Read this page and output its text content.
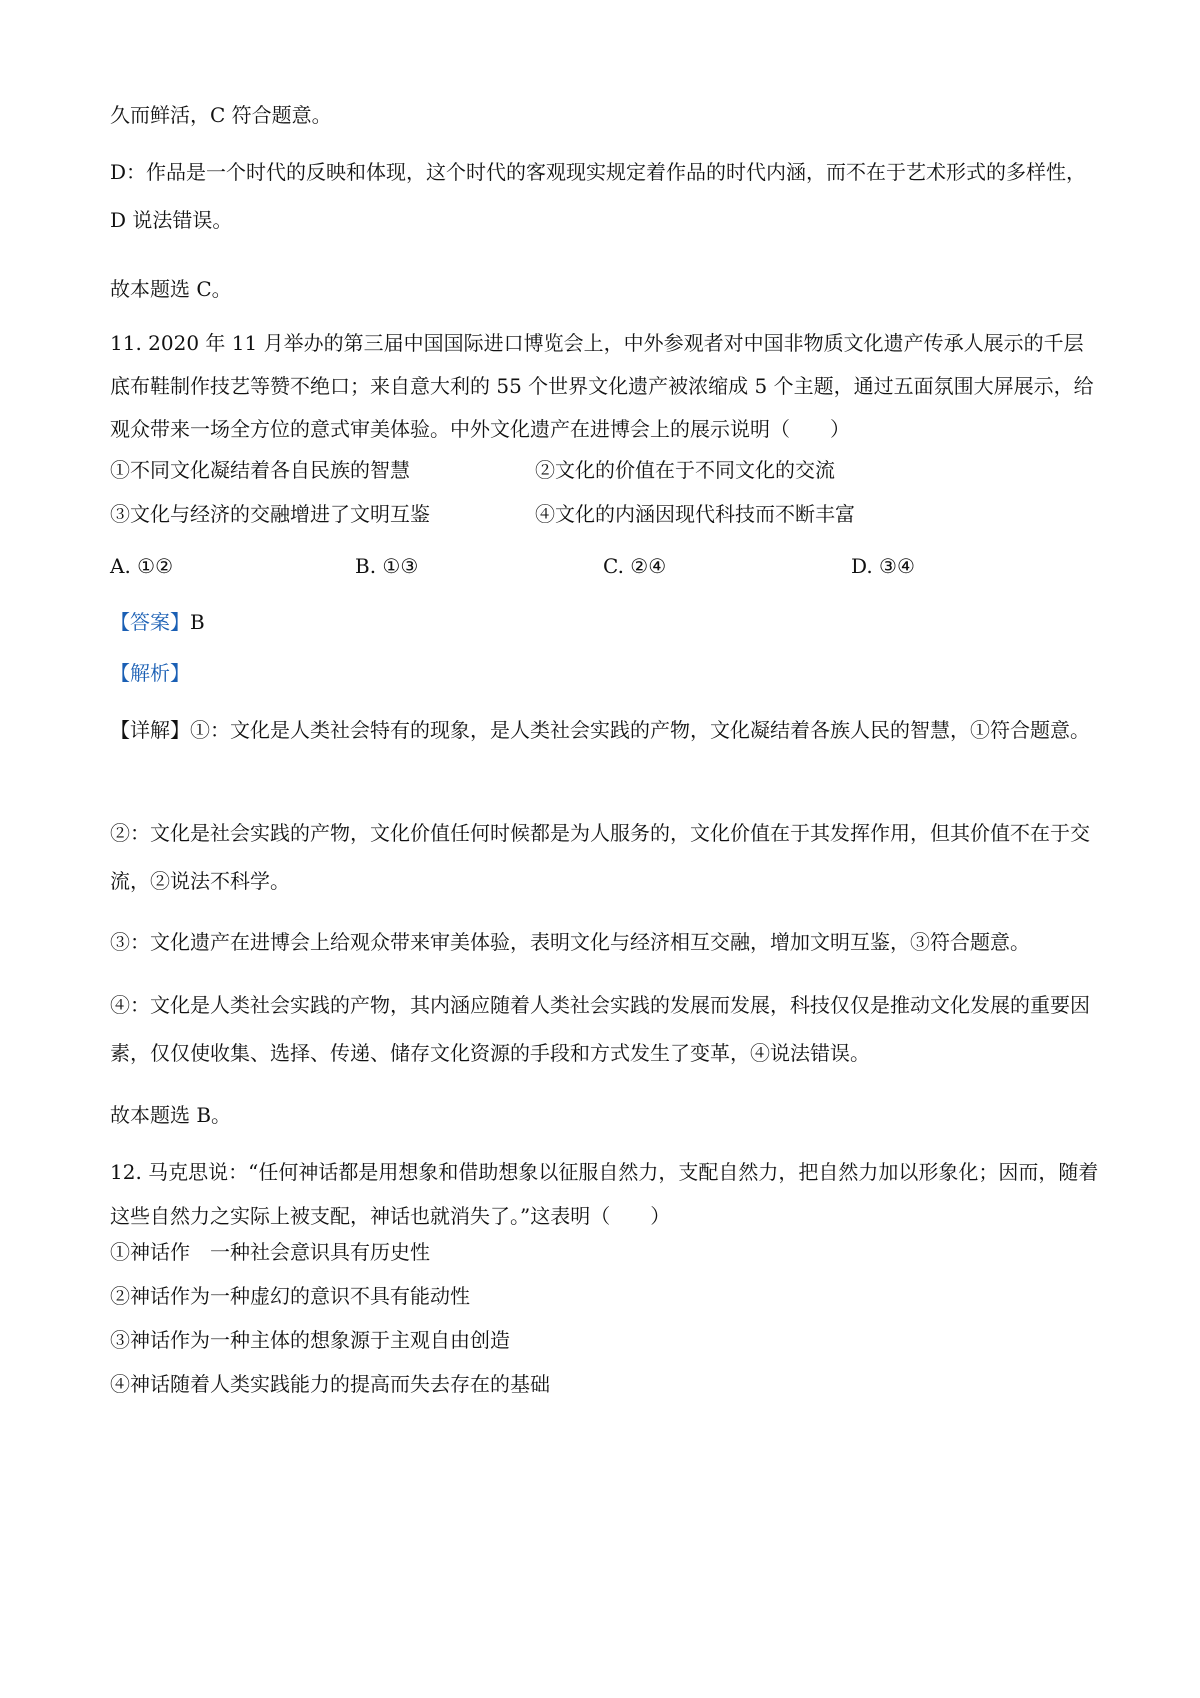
久而鲜活，C 符合题意。
D：作品是一个时代的反映和体现，这个时代的客观现实规定着作品的时代内涵，而不在于艺术形式的多样性，D 说法错误。
故本题选 C。
11. 2020 年 11 月举办的第三届中国国际进口博览会上，中外参观者对中国非物质文化遗产传承人展示的千层底布鞋制作技艺等赞不绝口；来自意大利的 55 个世界文化遗产被浓缩成 5 个主题，通过五面氛围大屏展示，给观众带来一场全方位的意式审美体验。中外文化遗产在进博会上的展示说明（　　）
①不同文化凝结着各自民族的智慧	②文化的价值在于不同文化的交流
③文化与经济的交融增进了文明互鉴	④文化的内涵因现代科技而不断丰富
A. ①②	B. ①③	C. ②④	D. ③④
【答案】B
【解析】
【详解】①：文化是人类社会特有的现象，是人类社会实践的产物，文化凝结着各族人民的智慧，①符合题意。
②：文化是社会实践的产物，文化价值任何时候都是为人服务的，文化价值在于其发挥作用，但其价值不在于交流，②说法不科学。
③：文化遗产在进博会上给观众带来审美体验，表明文化与经济相互交融，增加文明互鉴，③符合题意。
④：文化是人类社会实践的产物，其内涵应随着人类社会实践的发展而发展，科技仅仅是推动文化发展的重要因素，仅仅使收集、选择、传递、储存文化资源的手段和方式发生了变革，④说法错误。
故本题选 B。
12. 马克思说：“任何神话都是用想象和借助想象以征服自然力，支配自然力，把自然力加以形象化；因而，随着这些自然力之实际上被支配，神话也就消失了。”这表明（　　）
①神话作　一种社会意识具有历史性
②神话作为一种虚幻的意识不具有能动性
③神话作为一种主体的想象源于主观自由创造
④神话随着人类实践能力的提高而失去存在的基础
